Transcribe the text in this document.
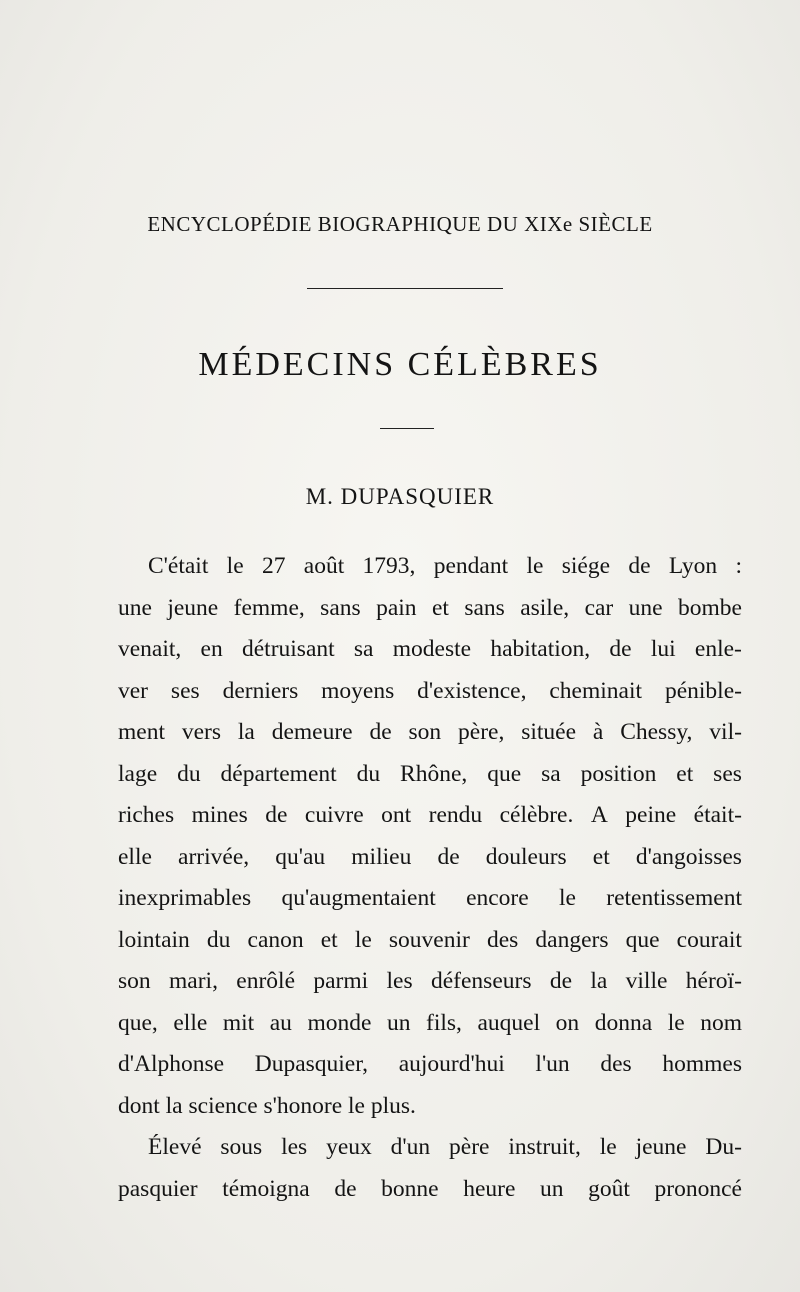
ENCYCLOPÉDIE BIOGRAPHIQUE DU XIXe SIÈCLE
MÉDECINS CÉLÈBRES
M. DUPASQUIER
C'était le 27 août 1793, pendant le siége de Lyon :
une jeune femme, sans pain et sans asile, car une bombe
venait, en détruisant sa modeste habitation, de lui enle-
ver ses derniers moyens d'existence, cheminait pénible-
ment vers la demeure de son père, située à Chessy, vil-
lage du département du Rhône, que sa position et ses
riches mines de cuivre ont rendu célèbre. A peine était-
elle arrivée, qu'au milieu de douleurs et d'angoisses
inexprimables qu'augmentaient encore le retentissement
lointain du canon et le souvenir des dangers que courait
son mari, enrôlé parmi les défenseurs de la ville héroï-
que, elle mit au monde un fils, auquel on donna le nom
d'Alphonse Dupasquier, aujourd'hui l'un des hommes
dont la science s'honore le plus.
Élevé sous les yeux d'un père instruit, le jeune Du-
pasquier témoigna de bonne heure un goût prononcé
